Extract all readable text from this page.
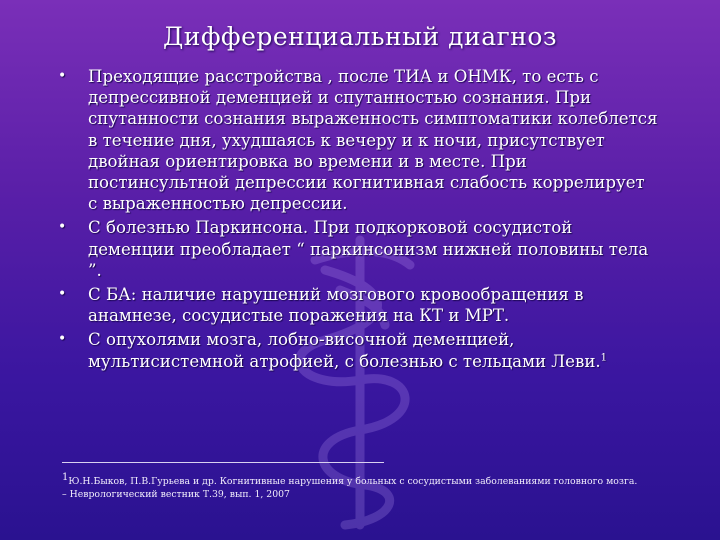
Дифференциальный диагноз
•	Преходящие расстройства , после ТИА и ОНМК, то есть с депрессивной деменцией и спутанностью сознания. При спутанности сознания выраженность симптоматики колеблется в течение дня, ухудшаясь к вечеру и к ночи, присутствует двойная ориентировка во времени и в месте. При постинсультной депрессии когнитивная слабость коррелирует с выраженностью депрессии.
•	С болезнью Паркинсона. При подкорковой сосудистой деменции преобладает “ паркинсонизм нижней половины тела ”.
•	С БА: наличие нарушений мозгового кровообращения в анамнезе, сосудистые поражения на КТ и МРТ.
•	С опухолями мозга, лобно-височной деменцией, мультисистемной атрофией, с болезнью с тельцами Леви.$^1$
$^1$Ю.Н.Быков, П.В.Гурьева и др. Когнитивные нарушения у больных с сосудистыми заболеваниями головного мозга.
– Неврологический вестник Т.39, вып. 1, 2007
